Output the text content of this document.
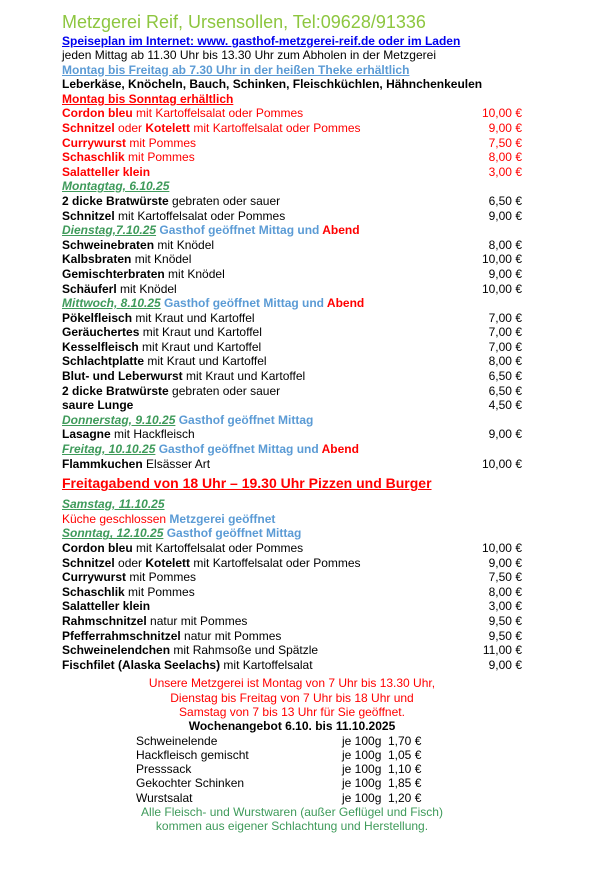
Metzgerei Reif, Ursensollen, Tel:09628/91336
Speiseplan im Internet: www. gasthof-metzgerei-reif.de oder im Laden
jeden Mittag ab 11.30 Uhr bis 13.30 Uhr zum Abholen in der Metzgerei
Montag bis Freitag ab 7.30 Uhr in der heißen Theke erhältlich
Leberkäse, Knöcheln, Bauch, Schinken, Fleischküchlen, Hähnchenkeulen
Montag bis Sonntag erhältlich
Cordon bleu mit Kartoffelsalat oder Pommes	10,00 €
Schnitzel oder Kotelett mit Kartoffelsalat oder Pommes	9,00 €
Currywurst mit Pommes	7,50 €
Schaschlik mit Pommes	8,00 €
Salatteller klein	3,00 €
Montagtag, 6.10.25
2 dicke Bratwürste gebraten oder sauer	6,50 €
Schnitzel mit Kartoffelsalat oder Pommes	9,00 €
Dienstag,7.10.25 Gasthof geöffnet Mittag und Abend
Schweinebraten mit Knödel	8,00 €
Kalbsbraten mit Knödel	10,00 €
Gemischterbraten mit Knödel	9,00 €
Schäuferl mit Knödel	10,00 €
Mittwoch, 8.10.25 Gasthof geöffnet Mittag und Abend
Pökelfleisch mit Kraut und Kartoffel	7,00 €
Geräuchertes mit Kraut und Kartoffel	7,00 €
Kesselfleisch mit Kraut und Kartoffel	7,00 €
Schlachtplatte mit Kraut und Kartoffel	8,00 €
Blut- und Leberwurst mit Kraut und Kartoffel	6,50 €
2 dicke Bratwürste gebraten oder sauer	6,50 €
saure Lunge	4,50 €
Donnerstag, 9.10.25 Gasthof geöffnet Mittag
Lasagne mit Hackfleisch	9,00 €
Freitag, 10.10.25 Gasthof geöffnet Mittag und Abend
Flammkuchen Elsässer Art	10,00 €
Freitagabend von 18 Uhr – 19.30 Uhr Pizzen und Burger
Samstag, 11.10.25
Küche geschlossen Metzgerei geöffnet
Sonntag, 12.10.25 Gasthof geöffnet Mittag
Cordon bleu mit Kartoffelsalat oder Pommes	10,00 €
Schnitzel oder Kotelett mit Kartoffelsalat oder Pommes	9,00 €
Currywurst mit Pommes	7,50 €
Schaschlik mit Pommes	8,00 €
Salatteller klein	3,00 €
Rahmschnitzel natur mit Pommes	9,50 €
Pfefferrahmschnitzel natur mit Pommes	9,50 €
Schweinelendchen mit Rahmsoße und Spätzle	11,00 €
Fischfilet (Alaska Seelachs) mit Kartoffelsalat	9,00 €
Unsere Metzgerei ist Montag von 7 Uhr bis 13.30 Uhr,
Dienstag bis Freitag von 7 Uhr bis 18 Uhr und
Samstag von 7 bis 13 Uhr für Sie geöffnet.
Wochenangebot 6.10. bis 11.10.2025
Schweinelende	je 100g 1,70 €
Hackfleisch gemischt	je 100g 1,05 €
Presssack	je 100g 1,10 €
Gekochter Schinken	je 100g 1,85 €
Wurstsalat	je 100g 1,20 €
Alle Fleisch- und Wurstwaren (außer Geflügel und Fisch)
kommen aus eigener Schlachtung und Herstellung.
